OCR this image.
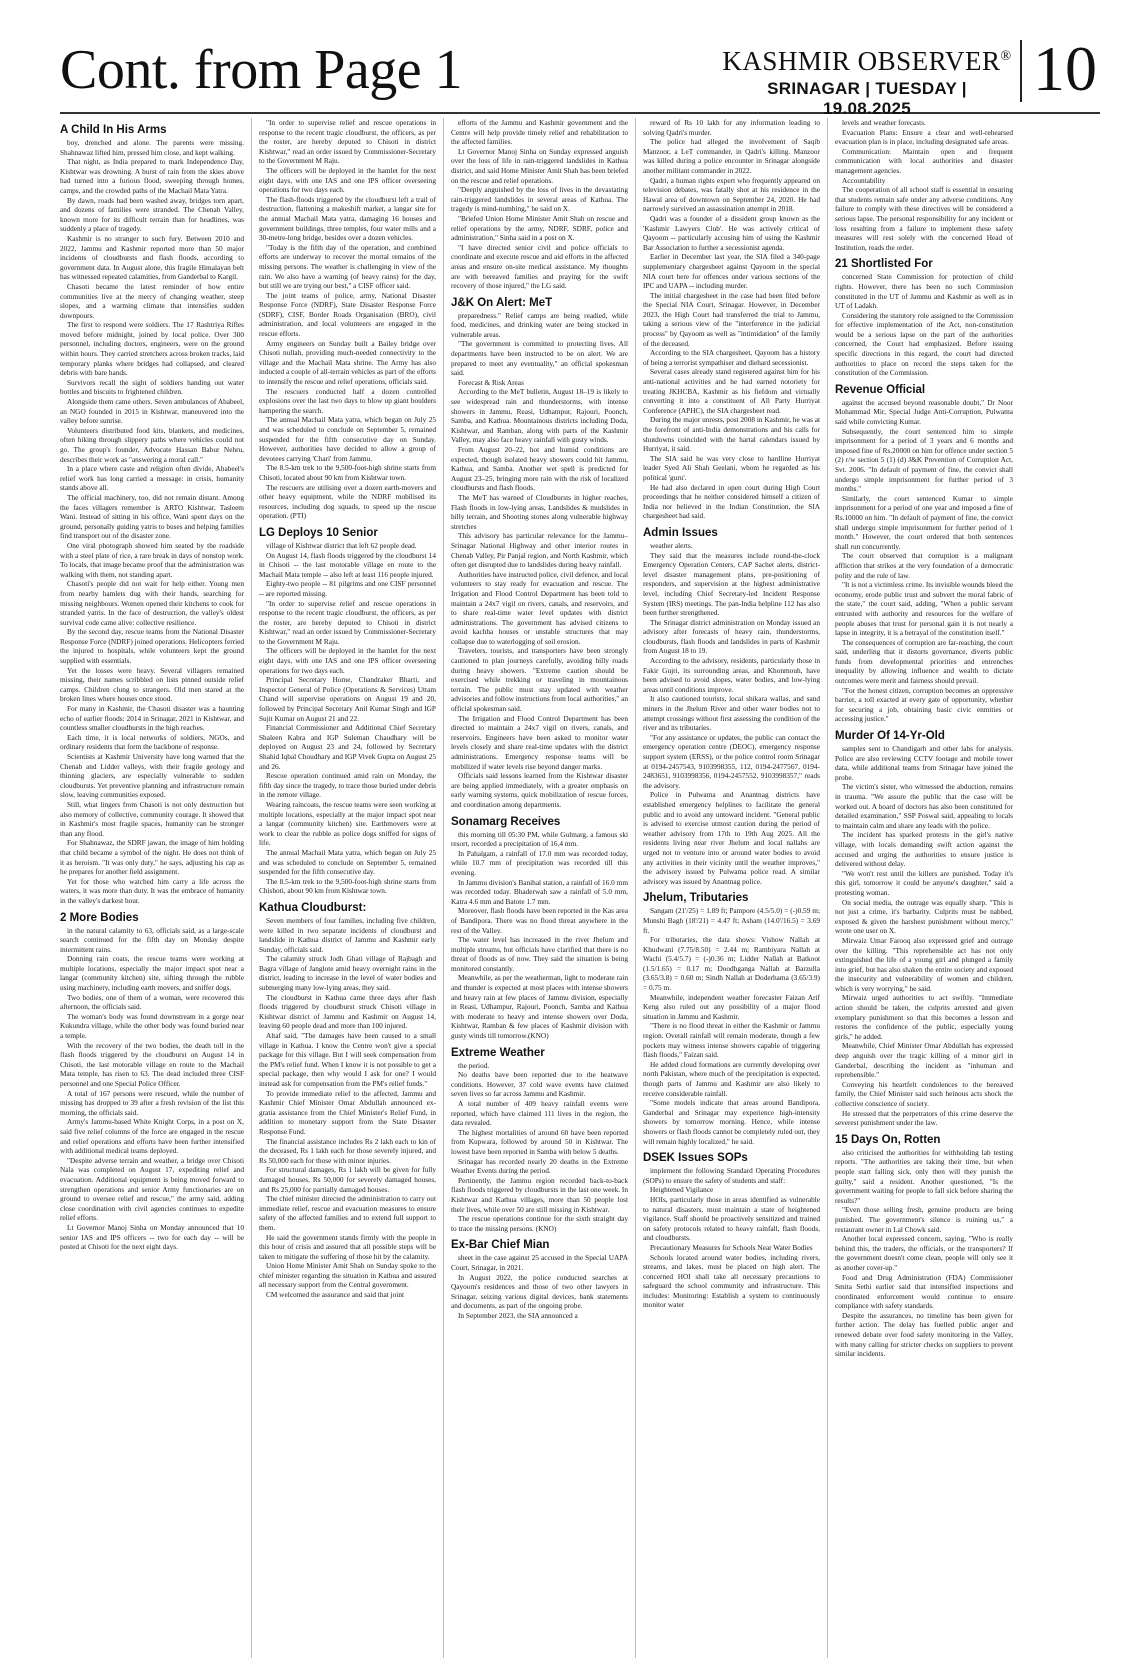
Cont. from Page 1	KASHMIR OBSERVER®
SRINAGAR | TUESDAY | 19.08.2025
10
A Child In His Arms

boy, drenched and alone. The parents were missing. Shahnawaz lifted him, pressed him close, and kept walking.

That night, as India prepared to mark Independence Day, Kishtwar was drowning. A burst of rain from the skies above had turned into a furious flood, sweeping through homes, camps, and the crowded paths of the Machail Mata Yatra.

By dawn, roads had been washed away, bridges torn apart, and dozens of families were stranded. The Chenab Valley, known more for its difficult terrain than for headlines, was suddenly a place of tragedy.

Kashmir is no stranger to such fury. Between 2010 and 2022, Jammu and Kashmir reported more than 50 major incidents of cloudbursts and flash floods, according to government data. In August alone, this fragile Himalayan belt has witnessed repeated calamities, from Ganderbal to Kargil.

Chasoti became the latest reminder of how entire communities live at the mercy of changing weather, steep slopes, and a warming climate that intensifies sudden downpours.

The first to respond were soldiers. The 17 Rashtriya Rifles moved before midnight, joined by local police. Over 300 personnel, including doctors, engineers, were on the ground within hours. They carried stretchers across broken tracks, laid temporary planks where bridges had collapsed, and cleared debris with bare hands.

Survivors recall the sight of soldiers handing out water bottles and biscuits to frightened children.

Alongside them came others. Seven ambulances of Ababeel, an NGO founded in 2015 in Kishtwar, maneuvered into the valley before sunrise.

Volunteers distributed food kits, blankets, and medicines, often hiking through slippery paths where vehicles could not go. The group's founder, Advocate Hassan Babur Nehru, describes their work as "answering a moral call."

In a place where caste and religion often divide, Ababeel's relief work has long carried a message: in crisis, humanity stands above all.

The official machinery, too, did not remain distant. Among the faces villagers remember is ARTO Kishtwar, Tasleem Wani. Instead of sitting in his office, Wani spent days on the ground, personally guiding yatris to buses and helping families find transport out of the disaster zone.

One viral photograph showed him seated by the roadside with a steel plate of rice, a rare break in days of nonstop work. To locals, that image became proof that the administration was walking with them, not standing apart.

Chasoti's people did not wait for help either. Young men from nearby hamlets dug with their hands, searching for missing neighbours. Women opened their kitchens to cook for stranded yatris. In the face of destruction, the valley's oldest survival code came alive: collective resilience.

By the second day, rescue teams from the National Disaster Response Force (NDRF) joined operations. Helicopters ferried the injured to hospitals, while volunteers kept the ground supplied with essentials.

Yet the losses were heavy. Several villagers remained missing, their names scribbled on lists pinned outside relief camps. Children clung to strangers. Old men stared at the broken lines where houses once stood.

For many in Kashmir, the Chasoti disaster was a haunting echo of earlier floods: 2014 in Srinagar, 2021 in Kishtwar, and countless smaller cloudbursts in the high reaches.

Each time, it is local networks of soldiers, NGOs, and ordinary residents that form the backbone of response.

Scientists at Kashmir University have long warned that the Chenab and Lidder valleys, with their fragile geology and thinning glaciers, are especially vulnerable to sudden cloudbursts. Yet preventive planning and infrastructure remain slow, leaving communities exposed.

Still, what lingers from Chasoti is not only destruction but also memory of collective, community courage. It showed that in Kashmir's most fragile spaces, humanity can be stronger than any flood.

For Shahnawaz, the SDRF jawan, the image of him holding that child became a symbol of the night. He does not think of it as heroism. "It was only duty," he says, adjusting his cap as he prepares for another field assignment.

Yet for those who watched him carry a life across the waters, it was more than duty. It was the embrace of humanity in the valley's darkest hour.

2 More Bodies

in the natural calamity to 63, officials said, as a large-scale search continued for the fifth day on Monday despite intermittent rains.

Donning rain coats, the rescue teams were working at multiple locations, especially the major impact spot near a langar (community kitchen) site, sifting through the rubble using machinery, including earth movers, and sniffer dogs.

Two bodies, one of them of a woman, were recovered this afternoon, the officials said.

The woman's body was found downstream in a gorge near Kukundra village, while the other body was found buried near a temple.

With the recovery of the two bodies, the death toll in the flash floods triggered by the cloudburst on August 14 in Chisoti, the last motorable village en route to the Machail Mata temple, has risen to 63. The dead included three CISF personnel and one Special Police Officer.

A total of 167 persons were rescued, while the number of missing has dropped to 39 after a fresh revision of the list this morning, the officials said.

Army's Jammu-based White Knight Corps, in a post on X, said five relief columns of the force are engaged in the rescue and relief operations and efforts have been further intensified with additional medical teams deployed.

"Despite adverse terrain and weather, a bridge over Chisoti Nala was completed on August 17, expediting relief and evacuation. Additional equipment is being moved forward to strengthen operations and senior Army functionaries are on ground to oversee relief and rescue," the army said, adding close coordination with civil agencies continues to expedite relief efforts.

Lt Governor Manoj Sinha on Monday announced that 10 senior IAS and IPS officers -- two for each day -- will be posted at Chisoti for the next eight days.

"In order to supervise relief and rescue operations in response to the recent tragic cloudburst, the officers, as per the roster, are hereby deputed to Chisoti in district Kishtwar," read an order issued by Commissioner-Secretary to the Government M Raju.

The officers will be deployed in the hamlet for the next eight days, with one IAS and one IPS officer overseeing operations for two days each.

The flash-floods triggered by the cloudburst left a trail of destruction, flattening a makeshift market, a langar site for the annual Machail Mata yatra, damaging 16 houses and government buildings, three temples, four water mills and a 30-metre-long bridge, besides over a dozen vehicles.

"Today is the fifth day of the operation, and combined efforts are underway to recover the mortal remains of the missing persons. The weather is challenging in view of the rain. We also have a warning (of heavy rains) for the day, but still we are trying our best," a CISF officer said.

The joint teams of police, army, National Disaster Response Force (NDRF), State Disaster Response Force (SDRF), CISF, Border Roads Organisation (BRO), civil administration, and local volunteers are engaged in the rescue efforts.

Army engineers on Sunday built a Bailey bridge over Chisoti nullah, providing much-needed connectivity to the village and the Machail Mata shrine. The Army has also inducted a couple of all-terrain vehicles as part of the efforts to intensify the rescue and relief operations, officials said.

The rescuers conducted half a dozen controlled explosions over the last two days to blow up giant boulders hampering the search.

The annual Machail Mata yatra, which began on July 25 and was scheduled to conclude on September 5, remained suspended for the fifth consecutive day on Sunday. However, authorities have decided to allow a group of devotees carrying 'Chari' from Jammu.

The 8.5-km trek to the 9,500-foot-high shrine starts from Chisoti, located about 90 km from Kishtwar town.

The rescuers are utilising over a dozen earth-movers and other heavy equipment, while the NDRF mobilised its resources, including dog squads, to speed up the rescue operation. (PTI)

LG Deploys 10 Senior

village of Kishtwar district that left 62 people dead.

On August 14, flash floods triggered by the cloudburst 14 in Chisoti -- the last motorable village en route to the Machail Mata temple -- also left at least 116 people injured.

Eighty-two people -- 81 pilgrims and one CISF personnel -- are reported missing.

"In order to supervise relief and rescue operations in response to the recent tragic cloudburst, the officers, as per the roster, are hereby deputed to Chisoti in district Kishtwar," read an order issued by Commissioner-Secretary to the Government M Raju.

The officers will be deployed in the hamlet for the next eight days, with one IAS and one IPS officer overseeing operations for two days each.

Principal Secretary Home, Chandraker Bharti, and Inspector General of Police (Operations & Services) Uttam Chand will supervise operations on August 19 and 20, followed by Principal Secretary Anil Kumar Singh and IGP Sujit Kumar on August 21 and 22.

Financial Commissioner and Additional Chief Secretary Shaleen Kabra and IGP Suleman Chaudhary will be deployed on August 23 and 24, followed by Secretary Shahid Iqbal Choudhary and IGP Vivek Gupta on August 25 and 26.

Rescue operation continued amid rain on Monday, the fifth day since the tragedy, to trace those buried under debris in the remote village.

Wearing raincoats, the rescue teams were seen working at multiple locations, especially at the major impact spot near a langar (community kitchen) site. Earthmovers were at work to clear the rubble as police dogs sniffed for signs of life.

The annual Machail Mata yatra, which began on July 25 and was scheduled to conclude on September 5, remained suspended for the fifth consecutive day.

The 8.5-km trek to the 9,500-foot-high shrine starts from Chishoti, about 90 km from Kishtwar town.

Kathua Cloudburst:

Seven members of four families, including five children, were killed in two separate incidents of cloudburst and landslide in Kathua district of Jammu and Kashmir early Sunday, officials said.

The calamity struck Jodh Ghati village of Rajbagh and Bagra village of Janglote amid heavy overnight rains in the district, leading to increase in the level of water bodies and submerging many low-lying areas, they said.

The cloudburst in Kathua came three days after flash floods triggered by cloudburst struck Chisoti village in Kishtwar district of Jammu and Kashmir on August 14, leaving 60 people dead and more than 100 injured.

Altaf said, "The damages have been caused to a small village in Kathua. I know the Centre won't give a special package for this village. But I will seek compensation from the PM's relief fund. When I know it is not possible to get a special package, then why would I ask for one? I would instead ask for compensation from the PM's relief funds."

To provide immediate relief to the affected, Jammu and Kashmir Chief Minister Omar Abdullah announced ex-gratia assistance from the Chief Minister's Relief Fund, in addition to monetary support from the State Disaster Response Fund.

The financial assistance includes Rs 2 lakh each to kin of the deceased, Rs 1 lakh each for those severely injured, and Rs 50,000 each for those with minor injuries.

For structural damages, Rs 1 lakh will be given for fully damaged houses, Rs 50,000 for severely damaged houses, and Rs 25,000 for partially damaged houses.

The chief minister directed the administration to carry out immediate relief, rescue and evacuation measures to ensure safety of the affected families and to extend full support to them.

He said the government stands firmly with the people in this hour of crisis and assured that all possible steps will be taken to mitigate the suffering of those hit by the calamity.

Union Home Minister Amit Shah on Sunday spoke to the chief minister regarding the situation in Kathua and assured all necessary support from the Central government.

CM welcomed the assurance and said that joint

efforts of the Jammu and Kashmir government and the Centre will help provide timely relief and rehabilitation to the affected families.

Lt Governor Manoj Sinha on Sunday expressed anguish over the loss of life in rain-triggered landslides in Kathua district, and said Home Minister Amit Shah has been briefed on the rescue and relief operations.

"Deeply anguished by the loss of lives in the devastating rain-triggered landslides in several areas of Kathua. The tragedy is mind-numbing," he said on X.

"Briefed Union Home Minister Amit Shah on rescue and relief operations by the army, NDRF, SDRF, police and administration," Sinha said in a post on X.

"I have directed senior civil and police officials to coordinate and execute rescue and aid efforts in the affected areas and ensure on-site medical assistance. My thoughts are with bereaved families and praying for the swift recovery of those injured," the LG said.

J&K On Alert: MeT

preparedness." Relief camps are being readied, while food, medicines, and drinking water are being stocked in vulnerable areas.

"The government is committed to protecting lives. All departments have been instructed to be on alert. We are prepared to meet any eventuality," an official spokesman said.

Forecast & Risk Areas

According to the MeT bulletin, August 18–19 is likely to see widespread rain and thunderstorms, with intense showers in Jammu, Reasi, Udhampur, Rajouri, Poonch, Samba, and Kathua. Mountainous districts including Doda, Kishtwar, and Ramban, along with parts of the Kashmir Valley, may also face heavy rainfall with gusty winds.

From August 20–22, hot and humid conditions are expected, though isolated heavy showers could hit Jammu, Kathua, and Samba. Another wet spell is predicted for August 23–25, bringing more rain with the risk of localized cloudbursts and flash floods.

The MeT has warned of Cloudbursts in higher reaches, Flash floods in low-lying areas, Landslides & mudslides in hilly terrain, and Shooting stones along vulnerable highway stretches

This advisory has particular relevance for the Jammu–Srinagar National Highway and other interior routes in Chenab Valley, Pir Panjal region, and North Kashmir, which often get disrupted due to landslides during heavy rainfall.

Authorities have instructed police, civil defence, and local volunteers to stay ready for evacuation and rescue. The Irrigation and Flood Control Department has been told to maintain a 24x7 vigil on rivers, canals, and reservoirs, and to share real-time water level updates with district administrations. The government has advised citizens to avoid kachha houses or unstable structures that may collapse due to waterlogging of soil erosion.

Travelers, tourists, and transporters have been strongly cautioned to plan journeys carefully, avoiding hilly roads during heavy showers. "Extreme caution should be exercised while trekking or traveling in mountainous terrain. The public must stay updated with weather advisories and follow instructions from local authorities," an official spokesman said.

The Irrigation and Flood Control Department has been directed to maintain a 24x7 vigil on rivers, canals, and reservoirs. Engineers have been asked to monitor water levels closely and share real-time updates with the district administrations. Emergency response teams will be mobilized if water levels rise beyond danger marks.

Officials said lessons learned from the Kishtwar disaster are being applied immediately, with a greater emphasis on early warning systems, quick mobilization of rescue forces, and coordination among departments.

Sonamarg Receives

this morning till 05:30 PM, while Gulmarg, a famous ski resort, recorded a precipitation of 16.4 mm.

In Pahalgam, a rainfall of 17.0 mm was recorded today, while 10.7 mm of precipitation was recorded till this evening.

In Jammu division's Banihal station, a rainfall of 16.0 mm was recorded today. Bhaderwah saw a rainfall of 5.0 mm, Katra 4.6 mm and Batote 1.7 mm.

Moreover, flash floods have been reported in the Kas area of Bandipora. There was no flood threat anywhere in the rest of the Valley.

The water level has increased in the river Jhelum and multiple streams, but officials have clarified that there is no threat of floods as of now. They said the situation is being monitored constantly.

Meanwhile, as per the weatherman, light to moderate rain and thunder is expected at most places with intense showers and heavy rain at few places of Jammu division, especially in Reasi, Udhampur, Rajouri, Poonch, Samba and Kathua with moderate to heavy and intense showers over Doda, Kishtwar, Ramban & few places of Kashmir division with gusty winds till tomorrow.(KNO)

Extreme Weather

the period.

No deaths have been reported due to the heatwave conditions. However, 37 cold wave events have claimed seven lives so far across Jammu and Kashmir.

A total number of 409 heavy rainfall events were reported, which have claimed 111 lives in the region, the data revealed.

The highest mortalities of around 60 have been reported from Kupwara, followed by around 50 in Kishtwar. The lowest have been reported in Samba with below 5 deaths.

Srinagar has recorded nearly 20 deaths in the Extreme Weather Events during the period.

Pertinently, the Jammu region recorded back-to-back flash floods triggered by cloudbursts in the last one week. In Kishtwar and Kathua villages, more than 50 people lost their lives, while over 50 are still missing in Kishtwar.

The rescue operations continue for the sixth straight day to trace the missing persons. (KNO)

Ex-Bar Chief Mian

sheet in the case against 25 accused in the Special UAPA Court, Srinagar, in 2021.

In August 2022, the police conducted searches at Qayoom's residences and those of two other lawyers in Srinagar, seizing various digital devices, bank statements and documents, as part of the ongoing probe.

In September 2023, the SIA announced a

reward of Rs 10 lakh for any information leading to solving Qadri's murder.

The police had alleged the involvement of Saqib Manzoor, a LeT commander, in Qadri's killing. Manzoor was killed during a police encounter in Srinagar alongside another militant commander in 2022.

Qadri, a human rights expert who frequently appeared on television debates, was fatally shot at his residence in the Hawal area of downtown on September 24, 2020. He had narrowly survived an assassination attempt in 2018.

Qadri was a founder of a dissident group known as the 'Kashmir Lawyers Club'. He was actively critical of Qayoom -- particularly accusing him of using the Kashmir Bar Association to further a secessionist agenda.

Earlier in December last year, the SIA filed a 340-page supplementary chargesheet against Qayoom in the special NIA court here for offences under various sections of the IPC and UAPA -- including murder.

The initial chargesheet in the case had been filed before the Special NIA Court, Srinagar. However, in December 2023, the High Court had transferred the trial to Jammu, taking a serious view of the "interference in the judicial process" by Qayoom as well as "intimidation" of the family of the deceased.

According to the SIA chargesheet, Qayoom has a history of being a terrorist sympathiser and diehard secessionist.

Several cases already stand registered against him for his anti-national activities and he had earned notoriety for treating JKHCBA, Kashmir as his fiefdom and virtually converting it into a constituent of All Party Hurriyat Conference (APHC), the SIA chargesheet read.

During the major unrests, post 2008 in Kashmir, he was at the forefront of anti-India demonstrations and his calls for shutdowns coincided with the hartal calendars issued by Hurriyat, it said.

The SIA said he was very close to hardline Hurriyat leader Syed Ali Shah Geelani, whom he regarded as his political 'guru'.

He had also declared in open court during High Court proceedings that he neither considered himself a citizen of India nor believed in the Indian Constitution, the SIA chargesheet had said.

Admin Issues

weather alerts.

They said that the measures include round-the-clock Emergency Operation Centers, CAP Sachet alerts, district-level disaster management plans, pre-positioning of responders, and supervision at the highest administrative level, including Chief Secretary-led Incident Response System (IRS) meetings. The pan-India helpline 112 has also been further strengthened.

The Srinagar district administration on Monday issued an advisory after forecasts of heavy rain, thunderstorms, cloudbursts, flash floods and landslides in parts of Kashmir from August 18 to 19.

According to the advisory, residents, particularly those in Fakir Gujri, its surrounding areas, and Khonmouh, have been advised to avoid slopes, water bodies, and low-lying areas until conditions improve.

It also cautioned tourists, local shikara wallas, and sand miners in the Jhelum River and other water bodies not to attempt crossings without first assessing the condition of the river and its tributaries.

"For any assistance or updates, the public can contact the emergency operation centre (DEOC), emergency response support system (ERSS), or the police control room Srinagar at 0194-2457543, 9103998355, 112, 0194-2477567, 0194-2483651, 9103998356, 0194-2457552, 9103998357," reads the advisory.

Police in Pulwama and Anantnag districts have established emergency helplines to facilitate the general public and to avoid any untoward incident. "General public is advised to exercise utmost caution during the period of weather advisory from 17th to 19th Aug 2025. All the residents living near river Jhelum and local nallahs are urged not to venture into or around water bodies to avoid any activities in their vicinity until the weather improves," the advisory issued by Pulwama police read. A similar advisory was issued by Anantnag police.

Jhelum, Tributaries

Sangam (21'/25) = 1.89 ft; Pampore (4.5/5.0) = (-)0.59 m; Munshi Bagh (18'/21) = 4.47 ft; Asham (14.0'/16.5) = 3.69 ft.

For tributaries, the data shows: Vishow Nallah at Khudwani (7.75/8.50) = 2.44 m; Rambiyara Nallah at Wachi (5.4/5.7) = (-)0.36 m; Lidder Nallah at Batkoot (1.5/1.65) = 0.17 m; Doodhganga Nallah at Barzulla (3.65/3.8) = 0.60 m; Sindh Nallah at Doderhama (3.65/3.9) = 0.75 m.

Meanwhile, independent weather forecaster Faizan Arif Keng also ruled out any possibility of a major flood situation in Jammu and Kashmir.

"There is no flood threat in either the Kashmir or Jammu region. Overall rainfall will remain moderate, though a few pockets may witness intense showers capable of triggering flash floods," Faizan said.

He added cloud formations are currently developing over north Pakistan, where much of the precipitation is expected, though parts of Jammu and Kashmir are also likely to receive considerable rainfall.

"Some models indicate that areas around Bandipora, Ganderbal and Srinagar may experience high-intensity showers by tomorrow morning. Hence, while intense showers or flash floods cannot be completely ruled out, they will remain highly localized," he said.

DSEK Issues SOPs

implement the following Standard Operating Procedures (SOPs) to ensure the safety of students and staff:

Heightened Vigilance

HOIs, particularly those in areas identified as vulnerable to natural disasters, must maintain a state of heightened vigilance. Staff should be proactively sensitized and trained on safety protocols related to heavy rainfall, flash floods, and cloudbursts.

Precautionary Measures for Schools Near Water Bodies

Schools located around water bodies, including rivers, streams, and lakes, must be placed on high alert. The concerned HOI shall take all necessary precautions to safeguard the school community and infrastructure. This includes: Monitoring: Establish a system to continuously monitor water

levels and weather forecasts.

Evacuation Plans: Ensure a clear and well-rehearsed evacuation plan is in place, including designated safe areas.

Communication: Maintain open and frequent communication with local authorities and disaster management agencies.

Accountability

The cooperation of all school staff is essential in ensuring that students remain safe under any adverse conditions. Any failure to comply with these directives will be considered a serious lapse. The personal responsibility for any incident or loss resulting from a failure to implement these safety measures will rest solely with the concerned Head of Institution, reads the order.

21 Shortlisted For

concerned State Commission for protection of child rights. However, there has been no such Commission constituted in the UT of Jammu and Kashmir as well as in UT of Ladakh.

Considering the statutory role assigned to the Commission for effective implementation of the Act, non-constitution would be a serious lapse on the part of the authorities concerned, the Court had emphasized. Before issuing specific directions in this regard, the court had directed authorities to place on record the steps taken for the constitution of the Commission.

Revenue Official

against the accused beyond reasonable doubt," Dr Noor Mohammad Mir, Special Judge Anti-Corruption, Pulwama said while convicting Kumar.

Subsequently, the court sentenced him to simple imprisonment for a period of 3 years and 6 months and imposed fine of Rs.20000 on him for offence under section 5 (2) r/w section 5 (1) (d) J&K Prevention of Corruption Act, Svt. 2006. "In default of payment of fine, the convict shall undergo simple imprisonment for further period of 3 months."

Similarly, the court sentenced Kumar to simple imprisonment for a period of one year and imposed a fine of Rs.10000 on him. "In default of payment of fine, the convict shall undergo simple imprisonment for further period of 1 month." However, the court ordered that both sentences shall run concurrently.

The court observed that corruption is a malignant affliction that strikes at the very foundation of a democratic polity and the rule of law.

"It is not a victimless crime. Its invisible wounds bleed the economy, erode public trust and subvert the moral fabric of the state," the court said, adding, "When a public servant entrusted with authority and resources for the welfare of people abuses that trust for personal gain it is not nearly a lapse in integrity, it is a betrayal of the constitution itself."

The consequences of corruption are far-reaching, the court said, underling that it distorts governance, diverts public funds from developmental priorities and entrenches inequality by allowing influence and wealth to dictate outcomes were merit and fairness should prevail.

"For the honest citizen, corruption becomes an oppressive barrier, a toll exacted at every gate of opportunity, whether for securing a job, obtaining basic civic enmities or accessing justice."

Murder Of 14-Yr-Old

samples sent to Chandigarh and other labs for analysis. Police are also reviewing CCTV footage and mobile tower data, while additional teams from Srinagar have joined the probe.

The victim's sister, who witnessed the abduction, remains in trauma. "We assure the public that the case will be worked out. A board of doctors has also been constituted for detailed examination," SSP Poswal said, appealing to locals to maintain calm and share any leads with the police.

The incident has sparked protests in the girl's native village, with locals demanding swift action against the accused and urging the authorities to ensure justice is delivered without delay.

"We won't rest until the killers are punished. Today it's this girl, tomorrow it could be anyone's daughter," said a protesting woman.

On social media, the outrage was equally sharp. "This is not just a crime, it's barbarity. Culprits must be nabbed, exposed & given the harshest punishment without mercy," wrote one user on X.

Mirwaiz Umar Farooq also expressed grief and outrage over the killing. "This reprehensible act has not only extinguished the life of a young girl and plunged a family into grief, but has also shaken the entire society and exposed the insecurity and vulnerability of women and children, which is very worrying," he said.

Mirwaiz urged authorities to act swiftly. "Immediate action should be taken, the culprits arrested and given exemplary punishment so that this becomes a lesson and restores the confidence of the public, especially young girls," he added.

Meanwhile, Chief Minister Omar Abdullah has expressed deep anguish over the tragic killing of a minor girl in Ganderbal, describing the incident as "inhuman and reprehensible."

Conveying his heartfelt condolences to the bereaved family, the Chief Minister said such heinous acts shock the collective conscience of society.

He stressed that the perpetrators of this crime deserve the severest punishment under the law.

15 Days On, Rotten

also criticised the authorities for withholding lab testing reports. "The authorities are taking their time, but when people start falling sick, only then will they punish the guilty," said a resident. Another questioned, "Is the government waiting for people to fall sick before sharing the results?"

"Even those selling fresh, genuine products are being punished. The government's silence is ruining us," a restaurant owner in Lal Chowk said.

Another local expressed concern, saying, "Who is really behind this, the traders, the officials, or the transporters? If the government doesn't come clean, people will only see it as another cover-up."

Food and Drug Administration (FDA) Commissioner Smita Sethi earlier said that intensified inspections and coordinated enforcement would continue to ensure compliance with safety standards.

Despite the assurances, no timeline has been given for further action. The delay has fuelled public anger and renewed debate over food safety monitoring in the Valley, with many calling for stricter checks on suppliers to prevent similar incidents.
